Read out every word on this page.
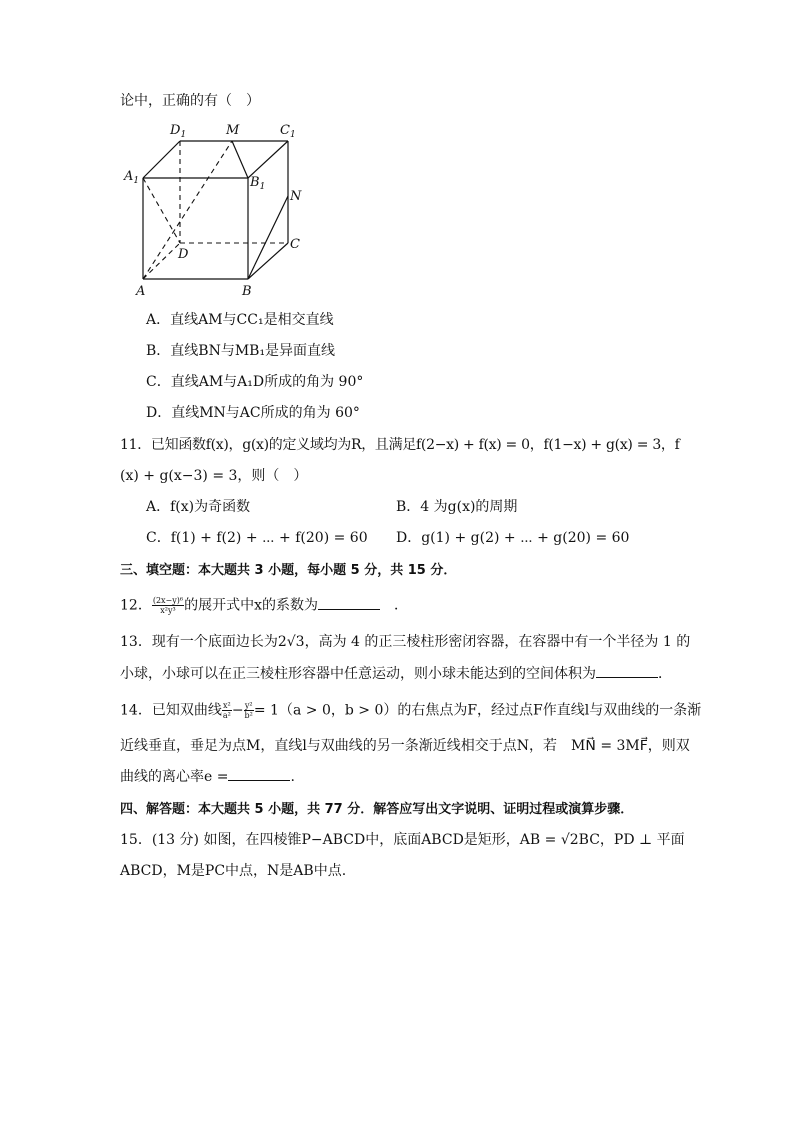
论中，正确的有（　）
$D_1$	M	$C_1$
$A_1$	$B_1$
N
C
D
A	B
A．直线AM与CC₁是相交直线
B．直线BN与MB₁是异面直线
C．直线AM与A₁D所成的角为 90°
D．直线MN与AC所成的角为 60°
11．已知函数f(x)，g(x)的定义域均为R，且满足f(2−x) + f(x) = 0，f(1−x) + g(x) = 3，f
(x) + g(x−3) = 3，则（　）
A．f(x)为奇函数	B．4 为g(x)的周期
C．f(1) + f(2) + ⋯ + f(20) = 60 D．g(1) + g(2) + ⋯ + g(20) = 60
三、填空题：本大题共 3 小题，每小题 5 分，共 15 分．
12． $\frac{\text{(2x−y)⁶}}{\text{x²y³}}$ 的展开式中x的系数为　	．
13．现有一个底面边长为2√3，高为 4 的正三棱柱形密闭容器，在容器中有一个半径为 1 的
小球，小球可以在正三棱柱形容器中任意运动，则小球未能达到的空间体积为	．
14．已知双曲线 $\frac{\text{x²}}{\text{a²}} - \frac{\text{y²}}{\text{b²}} = 1(a > 0$，b > 0）的右焦点为F，经过点F作直线l与双曲线的一条渐
近线垂直，垂足为点M，直线l与双曲线的另一条渐近线相交于点N，若　MN⃗ = 3MF⃗，则双
曲线的离心率e =	.
四、解答题：本大题共 5 小题，共 77 分．解答应写出文字说明、证明过程或演算步骤．
15．(13 分) 如图，在四棱锥P−ABCD中，底面ABCD是矩形，AB = √2BC，PD ⊥ 平面
ABCD，M是PC中点，N是AB中点.
